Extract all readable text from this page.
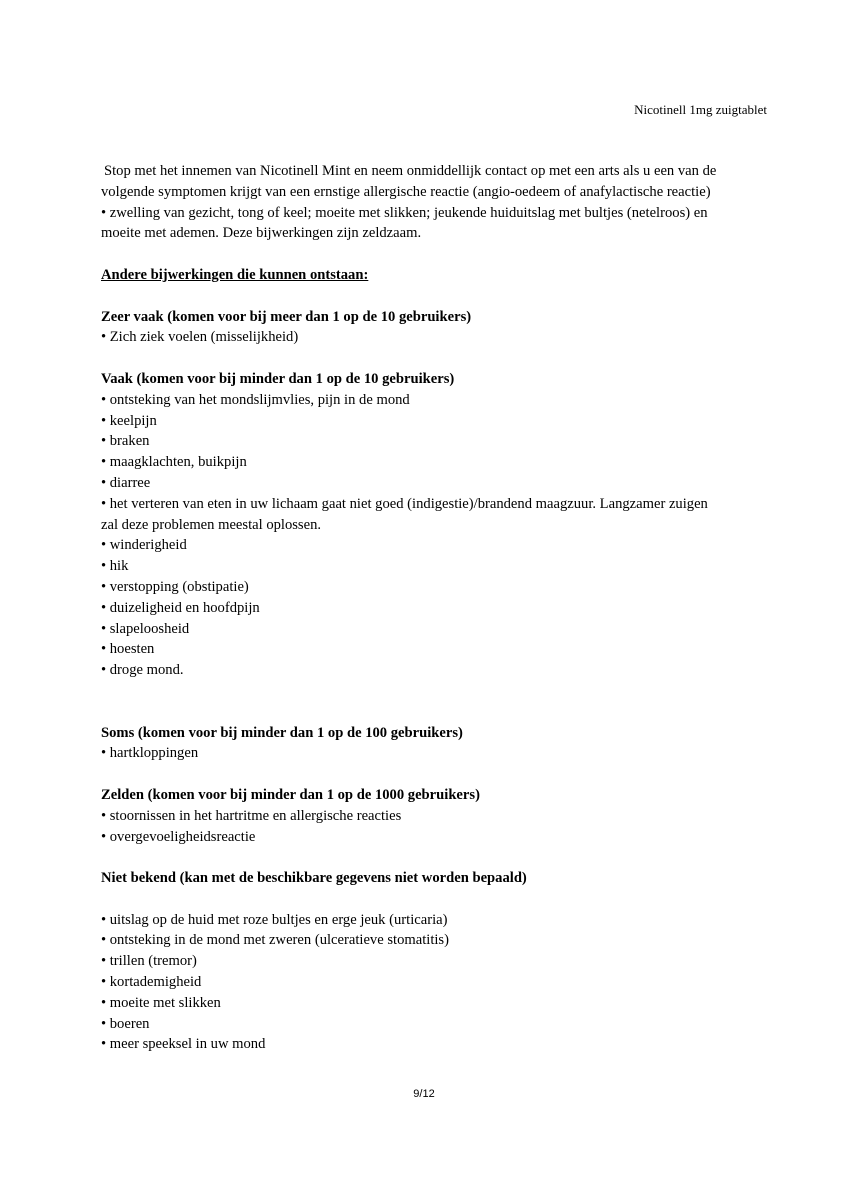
Nicotinell 1mg zuigtablet

Stop met het innemen van Nicotinell Mint en neem onmiddellijk contact op met een arts als u een van de

volgende symptomen krijgt van een ernstige allergische reactie (angio-oedeem of anafylactische reactie)

• zwelling van gezicht, tong of keel; moeite met slikken; jeukende huiduitslag met bultjes (netelroos) en

moeite met ademen. Deze bijwerkingen zijn zeldzaam.

Andere bijwerkingen die kunnen ontstaan:

Zeer vaak (komen voor bij meer dan 1 op de 10 gebruikers)

• Zich ziek voelen (misselijkheid)

Vaak (komen voor bij minder dan 1 op de 10 gebruikers)

• ontsteking van het mondslijmvlies, pijn in de mond
• keelpijn
• braken
• maagklachten, buikpijn
• diarree
• het verteren van eten in uw lichaam gaat niet goed (indigestie)/brandend maagzuur. Langzamer zuigen
zal deze problemen meestal oplossen.
• winderigheid
• hik
• verstopping (obstipatie)
• duizeligheid en hoofdpijn
• slapeloosheid
• hoesten
• droge mond.

Soms (komen voor bij minder dan 1 op de 100 gebruikers)

• hartkloppingen

Zelden (komen voor bij minder dan 1 op de 1000 gebruikers)

• stoornissen in het hartritme en allergische reacties
• overgevoeligheidsreactie

Niet bekend (kan met de beschikbare gegevens niet worden bepaald)

• uitslag op de huid met roze bultjes en erge jeuk (urticaria)
• ontsteking in de mond met zweren (ulceratieve stomatitis)
• trillen (tremor)
• kortademigheid
• moeite met slikken
• boeren
• meer speeksel in uw mond
9/12
